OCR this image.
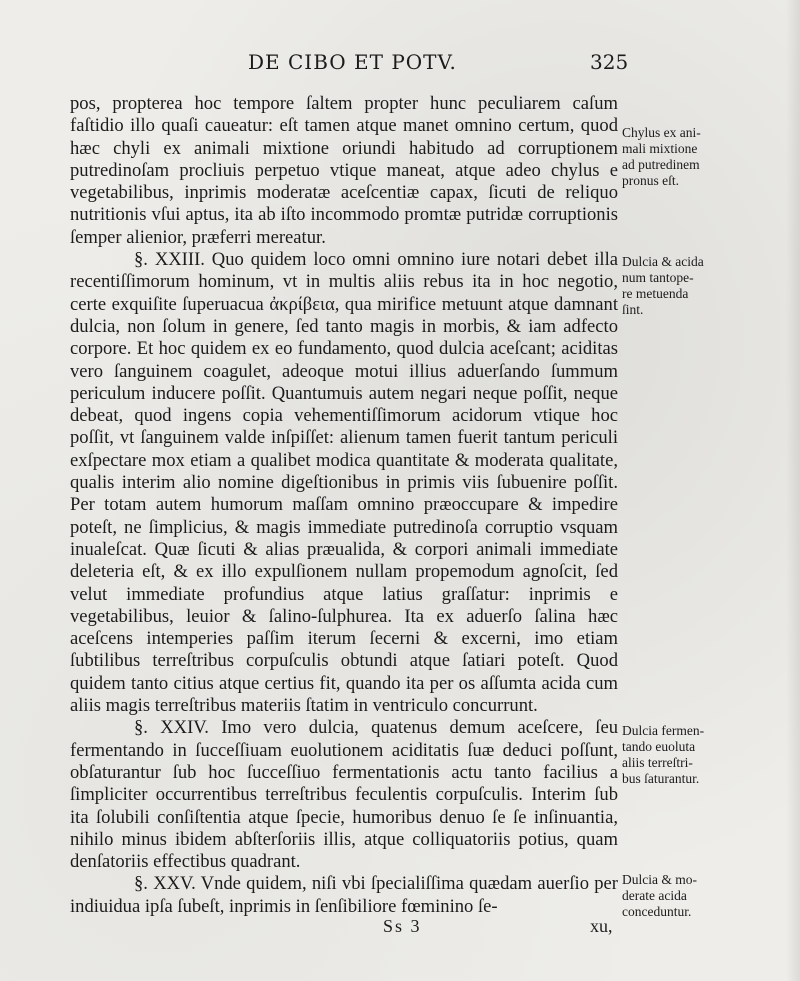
DE CIBO ET POTV.	325

pos, propterea hoc tempore ſaltem propter hunc peculiarem caſum faſtidio illo quaſi caueatur: eſt tamen atque manet omnino certum, quod hæc chyli ex animali mixtione oriundi habitudo ad corruptionem putredinoſam procliuis perpetuo vtique maneat, atque adeo chylus e vegetabilibus, inprimis moderatæ aceſcentiæ capax, ſicuti de reliquo nutritionis vſui aptus, ita ab iſto incommodo promtæ putridæ corruptionis ſemper alienior, præferri mereatur.

§. XXIII. Quo quidem loco omni omnino iure notari debet illa recentiſſimorum hominum, vt in multis aliis rebus ita in hoc negotio, certe exquiſite ſuperuacua ἀκρίβεια, qua mirifice metuunt atque damnant dulcia, non ſolum in genere, ſed tanto magis in morbis, & iam adfecto corpore. Et hoc quidem ex eo fundamento, quod dulcia aceſcant; aciditas vero ſanguinem coagulet, adeoque motui illius aduerſando ſummum periculum inducere poſſit. Quantumuis autem negari neque poſſit, neque debeat, quod ingens copia vehementiſſimorum acidorum vtique hoc poſſit, vt ſanguinem valde inſpiſſet: alienum tamen fuerit tantum periculi exſpectare mox etiam a qualibet modica quantitate & moderata qualitate, qualis interim alio nomine digeſtionibus in primis viis ſubuenire poſſit. Per totam autem humorum maſſam omnino præoccupare & impedire poteſt, ne ſimplicius, & magis immediate putredinoſa corruptio vsquam inualeſcat. Quæ ſicuti & alias præualida, & corpori animali immediate deleteria eſt, & ex illo expulſionem nullam propemodum agnoſcit, ſed velut immediate profundius atque latius graſſatur: inprimis e vegetabilibus, leuior & ſalino-ſulphurea. Ita ex aduerſo ſalina hæc aceſcens intemperies paſſim iterum ſecerni & excerni, imo etiam ſubtilibus terreſtribus corpuſculis obtundi atque ſatiari poteſt. Quod quidem tanto citius atque certius fit, quando ita per os aſſumta acida cum aliis magis terreſtribus materiis ſtatim in ventriculo concurrunt.

§. XXIV. Imo vero dulcia, quatenus demum aceſcere, ſeu fermentando in ſucceſſiuam euolutionem aciditatis ſuæ deduci poſſunt, obſaturantur ſub hoc ſucceſſiuo fermentationis actu tanto facilius a ſimpliciter occurrentibus terreſtribus feculentis corpuſculis. Interim ſub ita ſolubili conſiſtentia atque ſpecie, humoribus denuo ſe ſe inſinuantia, nihilo minus ibidem abſterſoriis illis, atque colliquatoriis potius, quam denſatoriis effectibus quadrant.

§. XXV. Vnde quidem, niſi vbi ſpecialiſſima quædam auerſio per indiuidua ipſa ſubeſt, inprimis in ſenſibiliore fœminino ſe-

Chylus ex ani-
mali mixtione
ad putredinem
pronus eſt.
Dulcia & acida
num tantope-
re metuenda
ſint.
Dulcia fermen-
tando euoluta
aliis terreſtri-
bus ſaturantur.
Dulcia & mo-
derate acida
conceduntur.
Ss 3	xu,
